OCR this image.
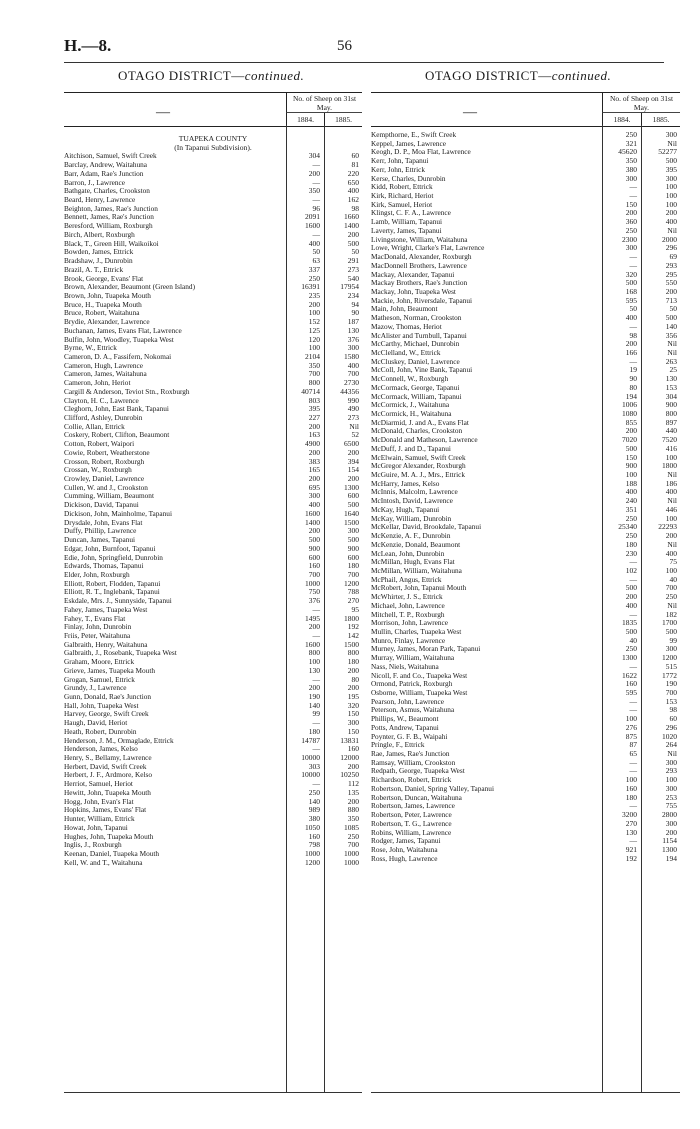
H.—8.	56
OTAGO DISTRICT—continued.	OTAGO DISTRICT—continued.
—
No. of Sheep on 31st May.
1884.	1885.
TUAPEKA COUNTY
(In Tapanui Subdivision).
Aitchison, Samuel, Swift Creek	304	60
Barclay, Andrew, Waitahuna	—	81
Barr, Adam, Rae's Junction	200	220
Barron, J., Lawrence	—	650
Bathgate, Charles, Crookston	350	400
Beard, Henry, Lawrence	—	162
Beighton, James, Rae's Junction	96	98
Bennett, James, Rae's Junction	2091	1660
Beresford, William, Roxburgh	1600	1400
Birch, Albert, Roxburgh	—	200
Black, T., Green Hill, Waikoikoi	400	500
Bowden, James, Ettrick	50	50
Bradshaw, J., Dunrobin	63	291
Brazil, A. T., Ettrick	337	273
Brook, George, Evans' Flat	250	540
Brown, Alexander, Beaumont (Green Island)	16391	17954
Brown, John, Tuapeka Mouth	235	234
Bruce, H., Tuapeka Mouth	200	94
Bruce, Robert, Waitahuna	100	90
Brydie, Alexander, Lawrence	152	187
Buchanan, James, Evans Flat, Lawrence	125	130
Bulfin, John, Woodley, Tuapeka West	120	376
Byrne, W., Ettrick	100	300
Cameron, D. A., Fassifern, Nokomai	2104	1580
Cameron, Hugh, Lawrence	350	400
Cameron, James, Waitahuna	700	700
Cameron, John, Heriot	800	2730
Cargill & Anderson, Teviot Stn., Roxburgh	40714	44356
Clayton, H. C., Lawrence	803	990
Cleghorn, John, East Bank, Tapanui	395	490
Clifford, Ashley, Dunrobin	227	273
Collie, Allan, Ettrick	200	Nil
Coskery, Robert, Clifton, Beaumont	163	52
Cotton, Robert, Waipori	4900	6500
Cowie, Robert, Weatherstone	200	200
Crosson, Robert, Roxburgh	383	394
Crossan, W., Roxburgh	165	154
Crowley, Daniel, Lawrence	200	200
Cullen, W. and J., Crookston	695	1300
Cumming, William, Beaumont	300	600
Dickison, David, Tapanui	400	500
Dickison, John, Mainholme, Tapanui	1600	1640
Drysdale, John, Evans Flat	1400	1500
Duffy, Phillip, Lawrence	200	300
Duncan, James, Tapanui	500	500
Edgar, John, Burnfoot, Tapanui	900	900
Edie, John, Springfield, Dunrobin	600	600
Edwards, Thomas, Tapanui	160	180
Elder, John, Roxburgh	700	700
Elliott, Robert, Flodden, Tapanui	1000	1200
Elliott, R. T., Inglebank, Tapanui	750	788
Eskdale, Mrs. J., Sunnyside, Tapanui	376	270
Fahey, James, Tuapeka West	—	95
Fahey, T., Evans Flat	1495	1800
Finlay, John, Dunrobin	200	192
Friis, Peter, Waitahuna	—	142
Galbraith, Henry, Waitahuna	1600	1500
Galbraith, J., Rosebank, Tuapeka West	800	800
Graham, Moore, Ettrick	100	180
Grieve, James, Tuapeka Mouth	130	200
Grogan, Samuel, Ettrick	—	80
Grundy, J., Lawrence	200	200
Gunn, Donald, Rae's Junction	190	195
Hall, John, Tuapeka West	140	320
Harvey, George, Swift Creek	99	150
Haugh, David, Heriot	—	300
Heath, Robert, Dunrobin	180	150
Henderson, J. M., Ormaglade, Ettrick	14787	13831
Henderson, James, Kelso	—	160
Henry, S., Bellamy, Lawrence	10000	12000
Herbert, David, Swift Creek	303	200
Herbert, J. F., Ardmore, Kelso	10000	10250
Herriot, Samuel, Heriot	—	112
Hewitt, John, Tuapeka Mouth	250	135
Hogg, John, Evan's Flat	140	200
Hopkins, James, Evans' Flat	989	880
Hunter, William, Ettrick	380	350
Howat, John, Tapanui	1050	1085
Hughes, John, Tuapeka Mouth	160	250
Inglis, J., Roxburgh	798	700
Keenan, Daniel, Tuapeka Mouth	1000	1000
Kell, W. and T., Waitahuna	1200	1000
—
No. of Sheep on 31st May.
1884.	1885.
Kempthorne, E., Swift Creek	250	300
Keppel, James, Lawrence	321	Nil
Keogh, D. P., Moa Flat, Lawrence	45620	52277
Kerr, John, Tapanui	350	500
Kerr, John, Ettrick	380	395
Kerse, Charles, Dunrobin	300	300
Kidd, Robert, Ettrick	—	100
Kirk, Richard, Heriot	—	100
Kirk, Samuel, Heriot	150	100
Klingst, C. F. A., Lawrence	200	200
Lamb, William, Tapanui	360	400
Laverty, James, Tapanui	250	Nil
Livingstone, William, Waitahuna	2300	2000
Lowe, Wright, Clarke's Flat, Lawrence	300	296
MacDonald, Alexander, Roxburgh	—	69
MacDonnell Brothers, Lawrence	—	293
Mackay, Alexander, Tapanui	320	295
Mackay Brothers, Rae's Junction	500	550
Mackay, John, Tuapeka West	168	200
Mackie, John, Riversdale, Tapanui	595	713
Main, John, Beaumont	50	50
Matheson, Norman, Crookston	400	500
Mazow, Thomas, Heriot	—	140
McAlister and Turnbull, Tapanui	98	356
McCarthy, Michael, Dunrobin	200	Nil
McClelland, W., Ettrick	166	Nil
McCluskey, Daniel, Lawrence	—	263
McColl, John, Vine Bank, Tapanui	19	25
McConnell, W., Roxburgh	90	130
McCormack, George, Tapanui	80	153
McCormack, William, Tapanui	194	304
McCormick, J., Waitahuna	1006	900
McCormick, H., Waitahuna	1080	800
McDiarmid, J. and A., Evans Flat	855	897
McDonald, Charles, Crookston	200	440
McDonald and Matheson, Lawrence	7020	7520
McDuff, J. and D., Tapanui	500	416
McElwain, Samuel, Swift Creek	150	100
McGregor Alexander, Roxburgh	900	1800
McGuire, M. A. J., Mrs., Ettrick	100	Nil
McHarry, James, Kelso	188	186
McInnis, Malcolm, Lawrence	400	400
McIntosh, David, Lawrence	240	Nil
McKay, Hugh, Tapanui	351	446
McKay, William, Dunrobin	250	100
McKellar, David, Brookdale, Tapanui	25340	22293
McKenzie, A. F., Dunrobin	250	200
McKenzie, Donald, Beaumont	180	Nil
McLean, John, Dunrobin	230	400
McMillan, Hugh, Evans Flat	—	75
McMillan, William, Waitahuna	102	100
McPhail, Angus, Ettrick	—	40
McRobert, John, Tapanui Mouth	500	700
McWhirter, J. S., Ettrick	200	250
Michael, John, Lawrence	400	Nil
Mitchell, T. P., Roxburgh	—	182
Morrison, John, Lawrence	1835	1700
Mullin, Charles, Tuapeka West	500	500
Munro, Finlay, Lawrence	40	99
Murney, James, Moran Park, Tapanui	250	300
Murray, William, Waitahuna	1300	1200
Nass, Niels, Waitahuna	—	515
Nicoll, F. and Co., Tuapeka West	1622	1772
Ormond, Patrick, Roxburgh	160	190
Osborne, William, Tuapeka West	595	700
Pearson, John, Lawrence	—	153
Peterson, Asmus, Waitahuna	—	98
Phillips, W., Beaumont	100	60
Potts, Andrew, Tapanui	276	296
Poynter, G. F. B., Waipahi	875	1020
Pringle, F., Ettrick	87	264
Rae, James, Rae's Junction	65	Nil
Ramsay, William, Crookston	—	300
Redpath, George, Tuapeka West	—	293
Richardson, Robert, Ettrick	100	100
Robertson, Daniel, Spring Valley, Tapanui	160	300
Robertson, Duncan, Waitahuna	180	253
Robertson, James, Lawrence	—	755
Robertson, Peter, Lawrence	3200	2800
Robertson, T. G., Lawrence	270	300
Robins, William, Lawrence	130	200
Rodger, James, Tapanui	—	1154
Rose, John, Waitahuna	921	1300
Ross, Hugh, Lawrence	192	194
